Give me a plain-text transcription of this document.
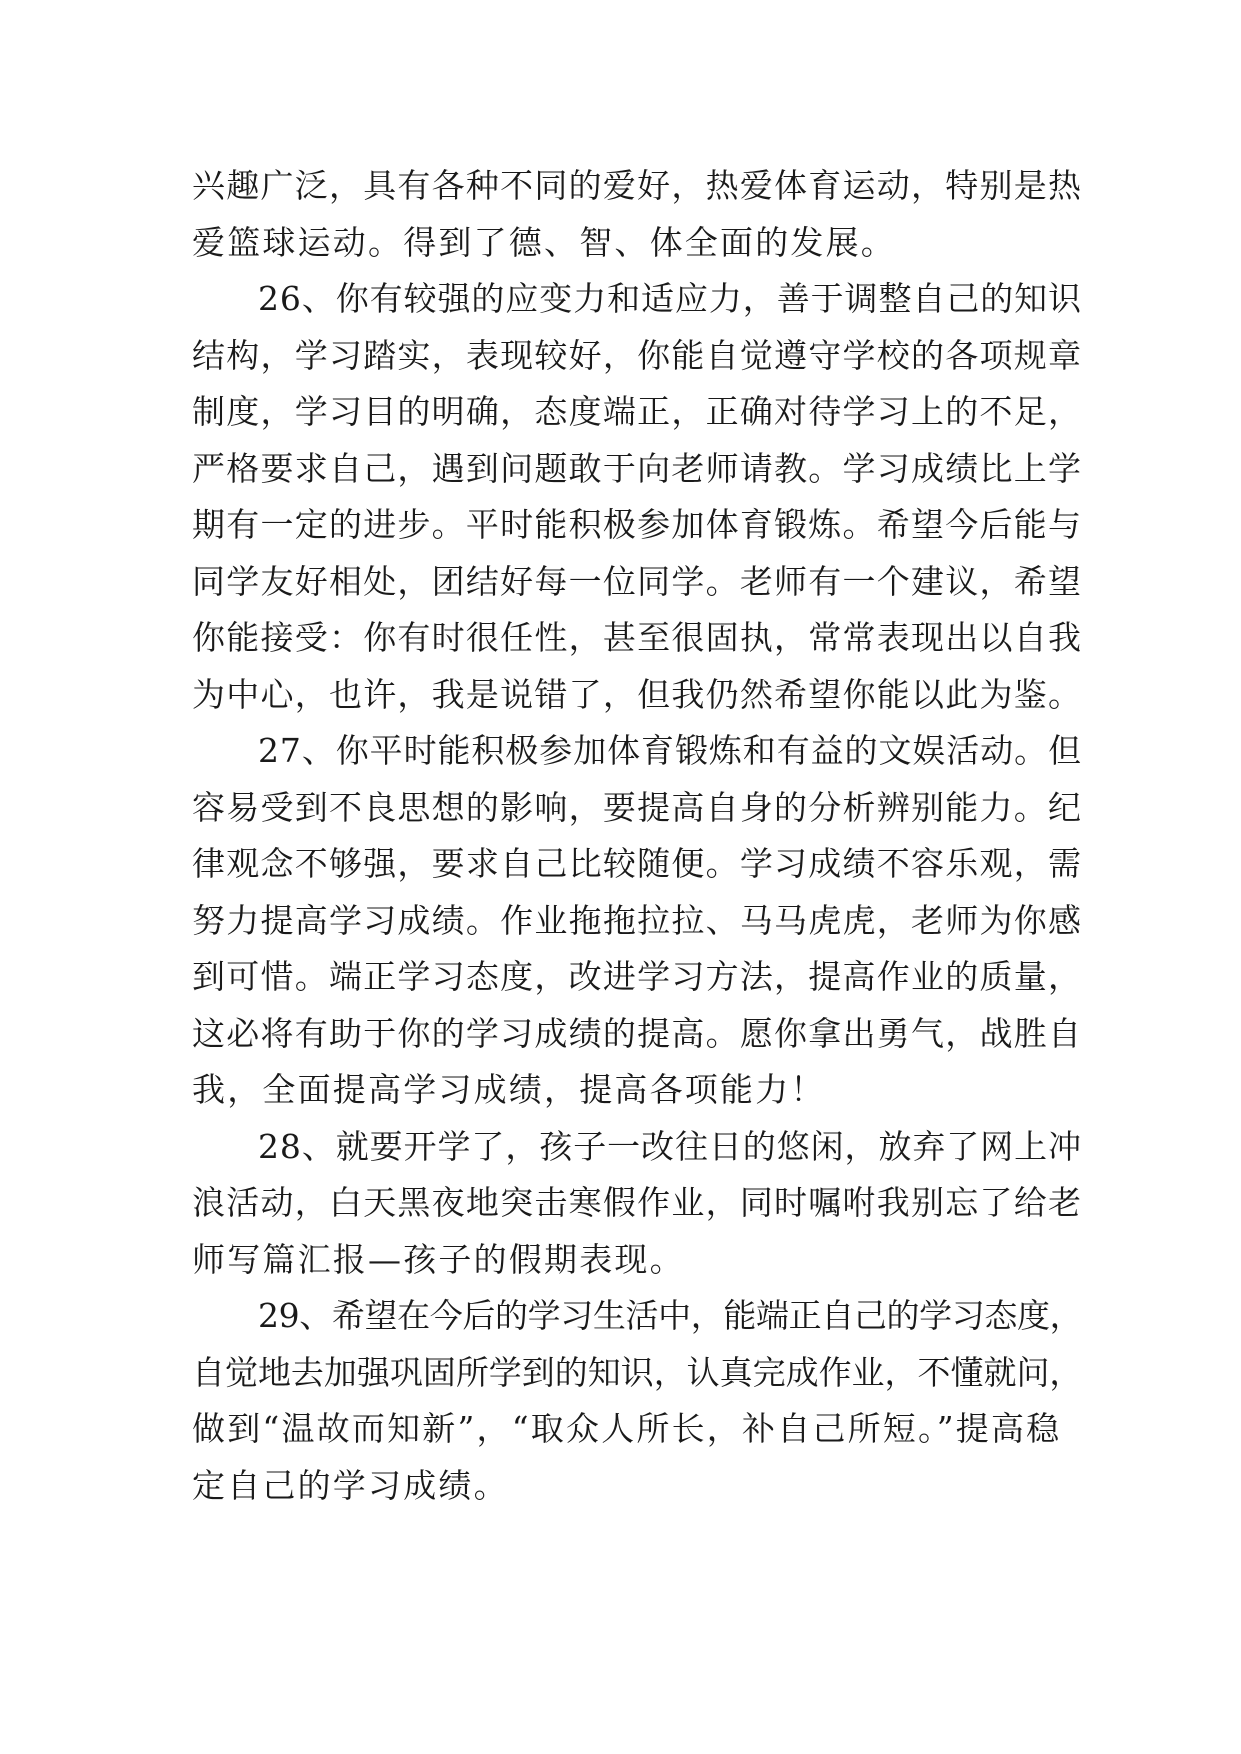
兴趣广泛，具有各种不同的爱好，热爱体育运动，特别是热
爱篮球运动。得到了德、智、体全面的发展。
26、你有较强的应变力和适应力，善于调整自己的知识
结构，学习踏实，表现较好，你能自觉遵守学校的各项规章
制度，学习目的明确，态度端正，正确对待学习上的不足，
严格要求自己，遇到问题敢于向老师请教。学习成绩比上学
期有一定的进步。平时能积极参加体育锻炼。希望今后能与
同学友好相处，团结好每一位同学。老师有一个建议，希望
你能接受：你有时很任性，甚至很固执，常常表现出以自我
为中心，也许，我是说错了，但我仍然希望你能以此为鉴。
27、你平时能积极参加体育锻炼和有益的文娱活动。但
容易受到不良思想的影响，要提高自身的分析辨别能力。纪
律观念不够强，要求自己比较随便。学习成绩不容乐观，需
努力提高学习成绩。作业拖拖拉拉、马马虎虎，老师为你感
到可惜。端正学习态度，改进学习方法，提高作业的质量，
这必将有助于你的学习成绩的提高。愿你拿出勇气，战胜自
我，全面提高学习成绩，提高各项能力！
28、就要开学了，孩子一改往日的悠闲，放弃了网上冲
浪活动，白天黑夜地突击寒假作业，同时嘱咐我别忘了给老
师写篇汇报—孩子的假期表现。
29、希望在今后的学习生活中，能端正自己的学习态度，
自觉地去加强巩固所学到的知识，认真完成作业，不懂就问，
做到“温故而知新”，“取众人所长，补自己所短。”提高稳
定自己的学习成绩。
